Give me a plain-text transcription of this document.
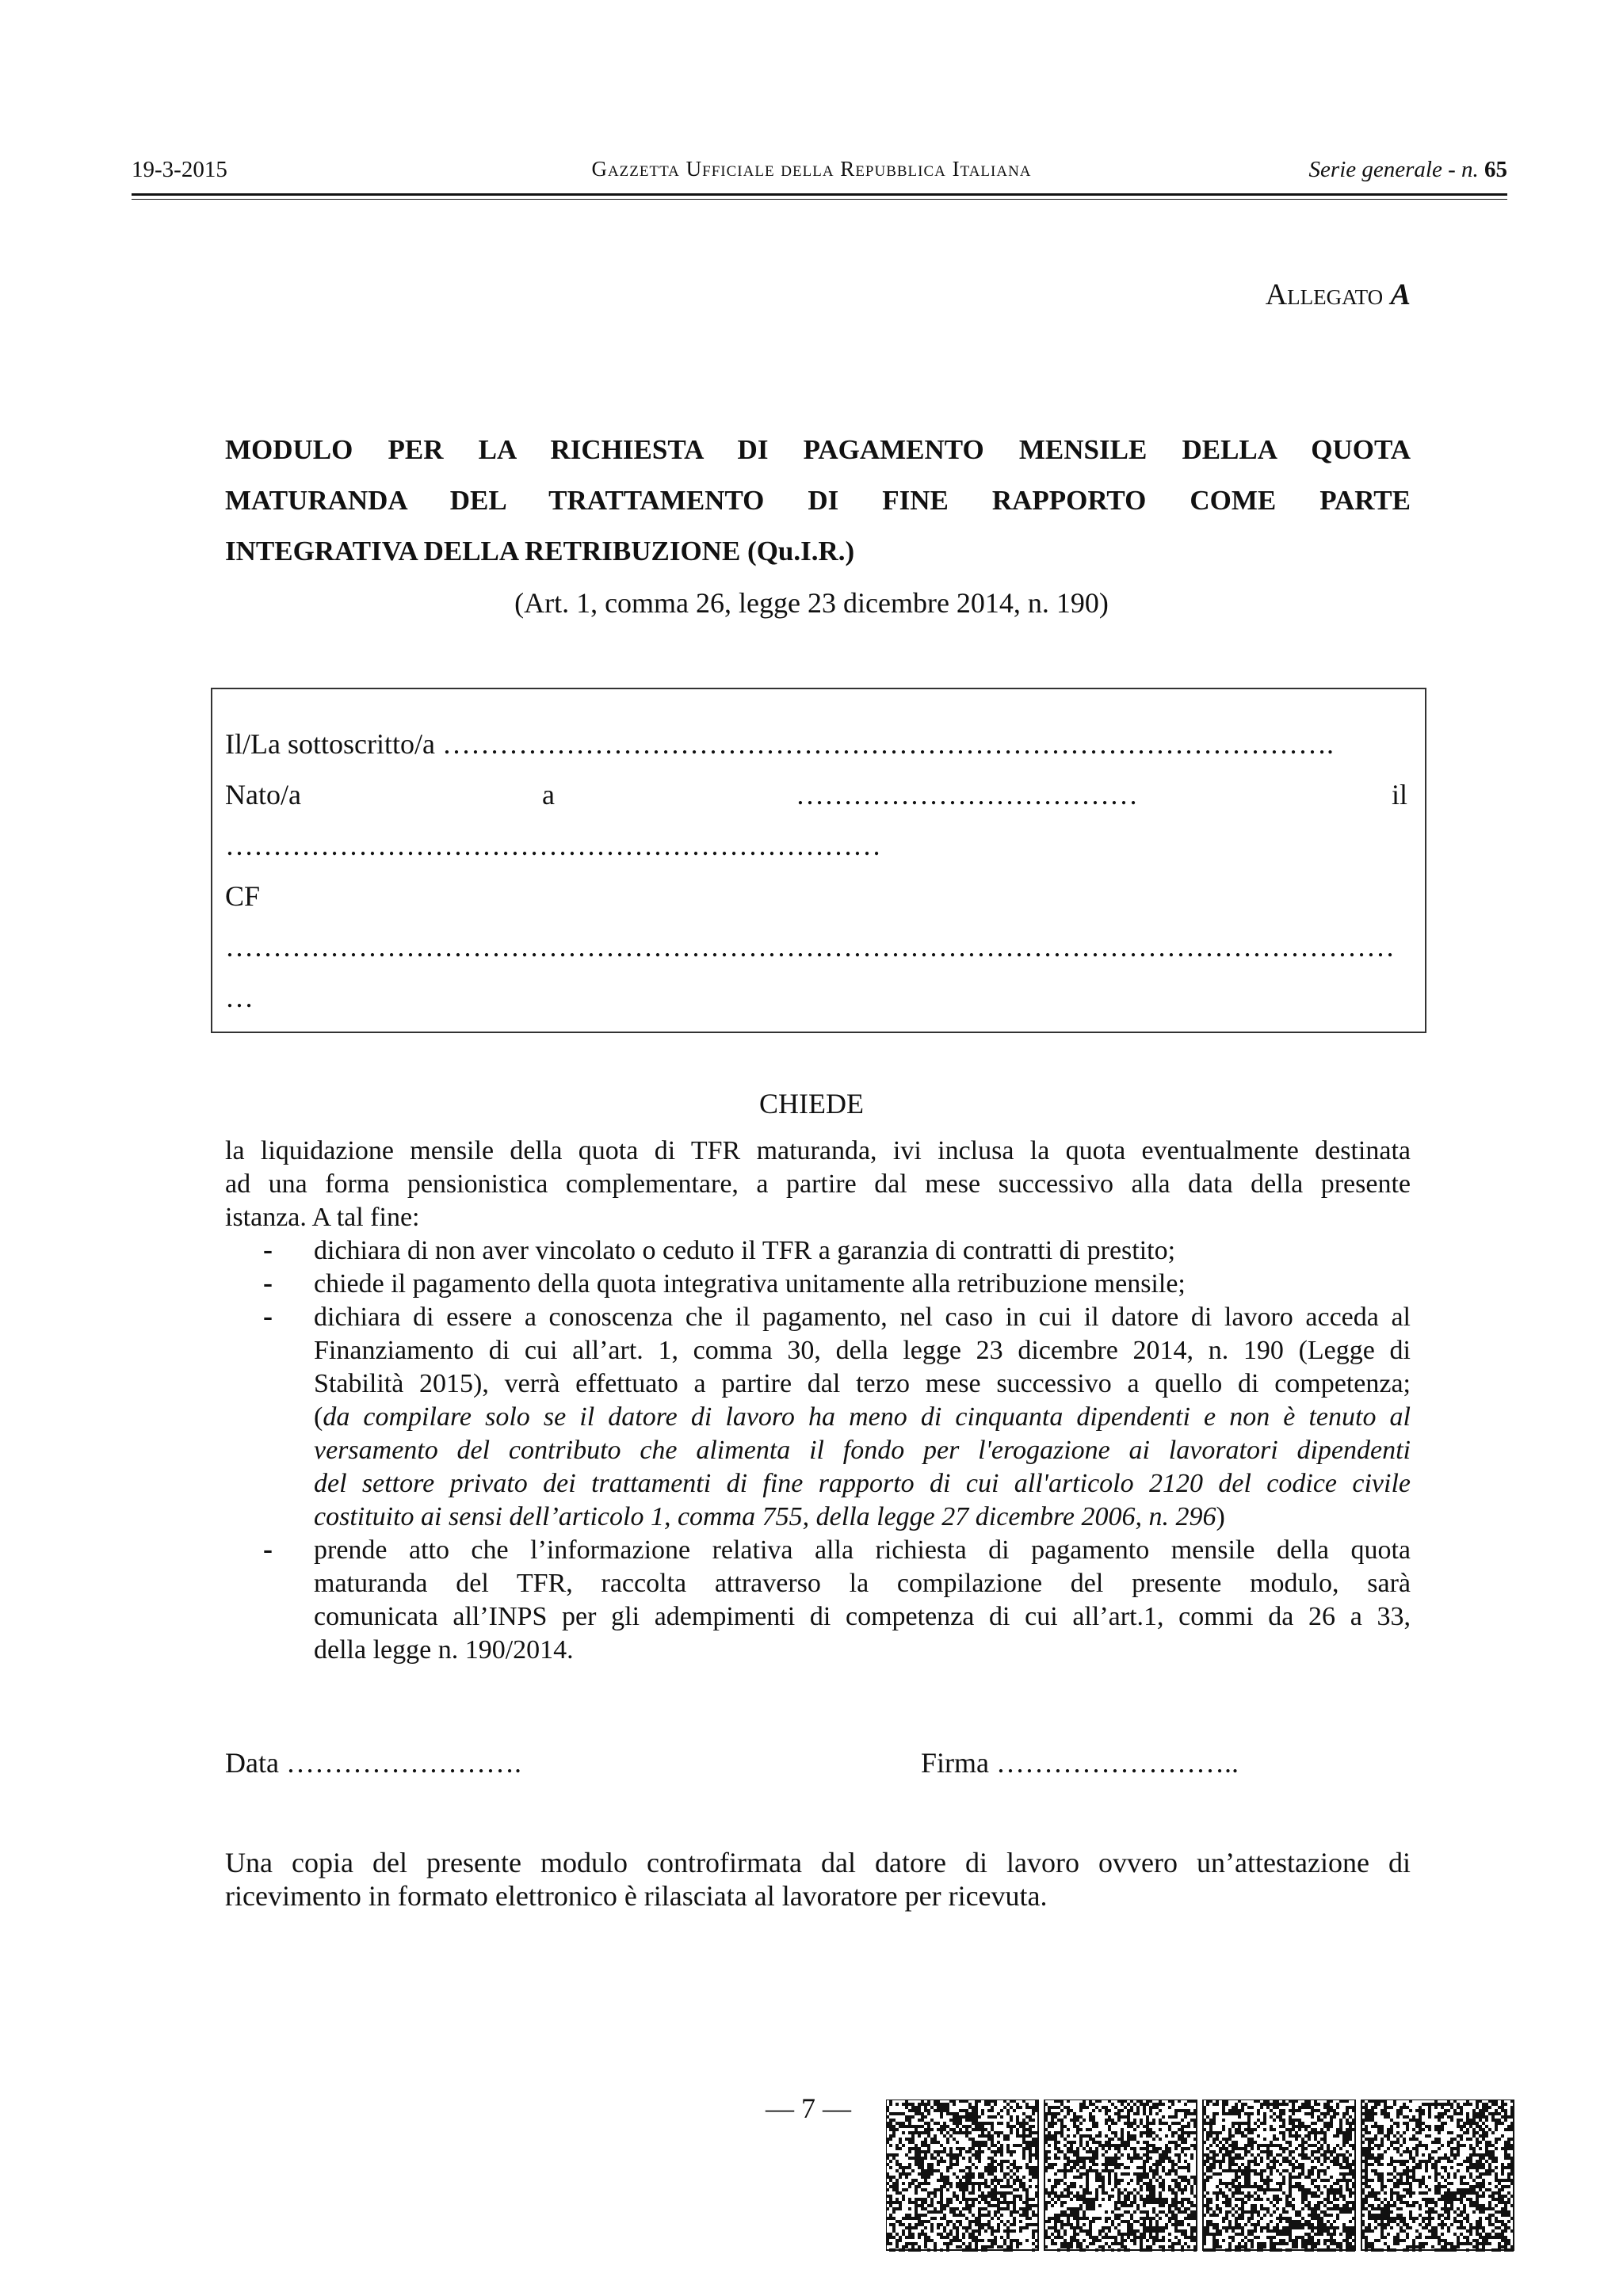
19-3-2015	Gazzetta Ufficiale della Repubblica Italiana	Serie generale - n. 65
Allegato A
MODULO PER LA RICHIESTA DI PAGAMENTO MENSILE DELLA QUOTA
MATURANDA DEL TRATTAMENTO DI FINE RAPPORTO COME PARTE
INTEGRATIVA DELLA RETRIBUZIONE (Qu.I.R.)
(Art. 1, comma 26, legge 23 dicembre 2014, n. 190)
Il/La sottoscritto/a ………………………………………………………………………………….
Nato/a	a	………………………………	il
……………………………………………………………
CF
……………………………………………………………………………………………………………
…
CHIEDE
la liquidazione mensile della quota di TFR maturanda, ivi inclusa la quota eventualmente destinata
ad una forma pensionistica complementare, a partire dal mese successivo alla data della presente
istanza. A tal fine:
- dichiara di non aver vincolato o ceduto il TFR a garanzia di contratti di prestito;
- chiede il pagamento della quota integrativa unitamente alla retribuzione mensile;
- dichiara di essere a conoscenza che il pagamento, nel caso in cui il datore di lavoro acceda al
Finanziamento di cui all’art. 1, comma 30, della legge 23 dicembre 2014, n. 190 (Legge di
Stabilità 2015), verrà effettuato a partire dal terzo mese successivo a quello di competenza;
(da compilare solo se il datore di lavoro ha meno di cinquanta dipendenti e non è tenuto al
versamento del contributo che alimenta il fondo per l'erogazione ai lavoratori dipendenti
del settore privato dei trattamenti di fine rapporto di cui all'articolo 2120 del codice civile
costituito ai sensi dell’articolo 1, comma 755, della legge 27 dicembre 2006, n. 296)
- prende atto che l’informazione relativa alla richiesta di pagamento mensile della quota
maturanda del TFR, raccolta attraverso la compilazione del presente modulo, sarà
comunicata all’INPS per gli adempimenti di competenza di cui all’art.1, commi da 26 a 33,
della legge n. 190/2014.
Data …………………….	Firma ……………………..
Una copia del presente modulo controfirmata dal datore di lavoro ovvero un’attestazione di
ricevimento in formato elettronico è rilasciata al lavoratore per ricevuta.
— 7 —
